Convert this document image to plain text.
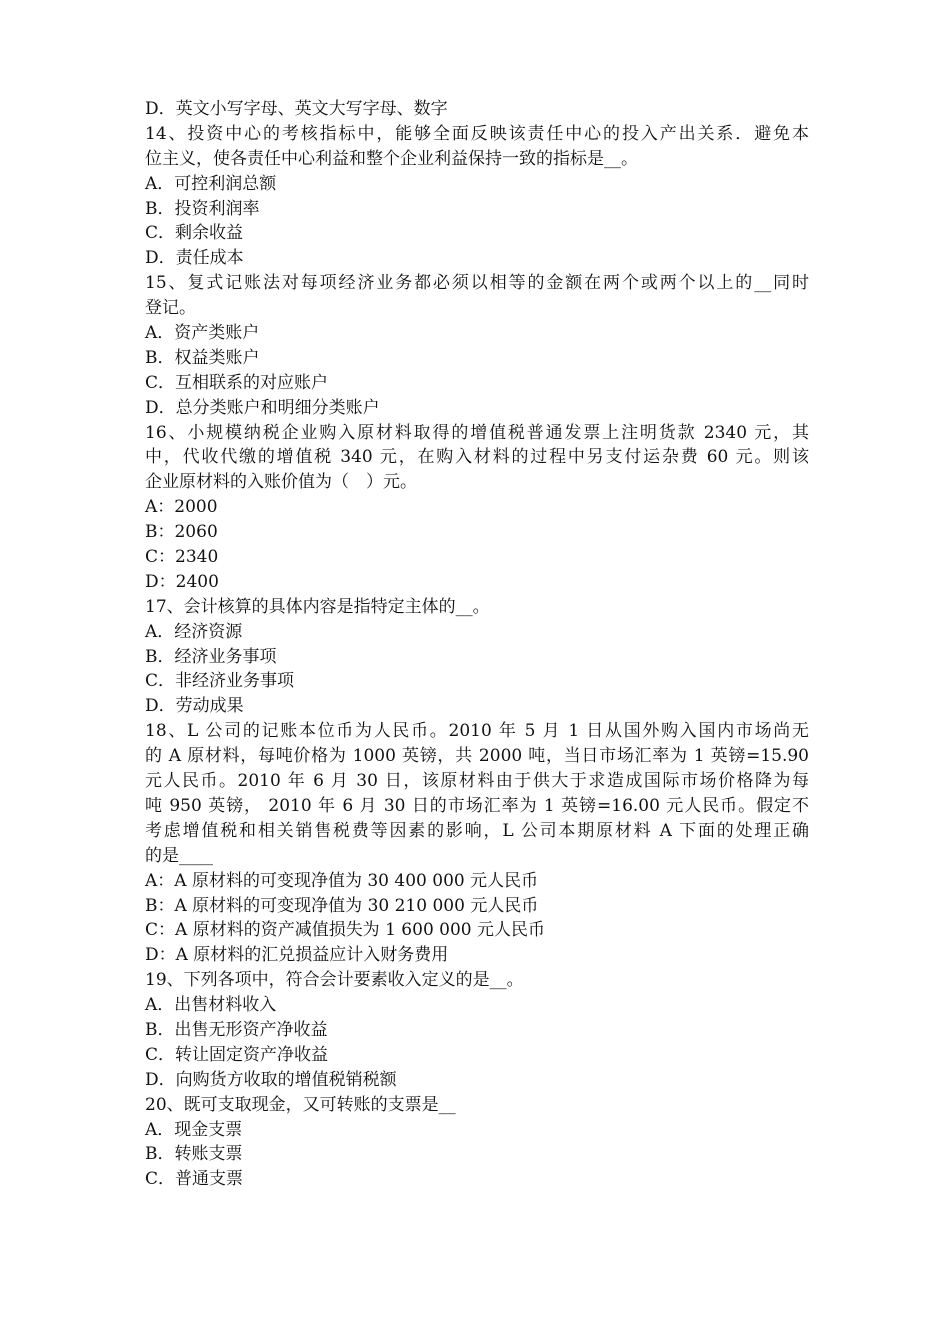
D．英文小写字母、英文大写字母、数字
14、投资中心的考核指标中，能够全面反映该责任中心的投入产出关系．避免本
位主义，使各责任中心利益和整个企业利益保持一致的指标是__。
A．可控利润总额
B．投资利润率
C．剩余收益
D．责任成本
15、复式记账法对每项经济业务都必须以相等的金额在两个或两个以上的__同时
登记。
A．资产类账户
B．权益类账户
C．互相联系的对应账户
D．总分类账户和明细分类账户
16、小规模纳税企业购入原材料取得的增值税普通发票上注明货款 2340 元，其
中，代收代缴的增值税 340 元，在购入材料的过程中另支付运杂费 60 元。则该
企业原材料的入账价值为（　）元。
A：2000
B：2060
C：2340
D：2400
17、会计核算的具体内容是指特定主体的__。
A．经济资源
B．经济业务事项
C．非经济业务事项
D．劳动成果
18、L 公司的记账本位币为人民币。2010 年 5 月 1 日从国外购入国内市场尚无
的 A 原材料，每吨价格为 1000 英镑，共 2000 吨，当日市场汇率为 1 英镑=15.90
元人民币。2010 年 6 月 30 日，该原材料由于供大于求造成国际市场价格降为每
吨 950 英镑， 2010 年 6 月 30 日的市场汇率为 1 英镑=16.00 元人民币。假定不
考虑增值税和相关销售税费等因素的影响，L 公司本期原材料 A 下面的处理正确
的是____
A：A 原材料的可变现净值为 30 400 000 元人民币
B：A 原材料的可变现净值为 30 210 000 元人民币
C：A 原材料的资产减值损失为 1 600 000 元人民币
D：A 原材料的汇兑损益应计入财务费用
19、下列各项中，符合会计要素收入定义的是__。
A．出售材料收入
B．出售无形资产净收益
C．转让固定资产净收益
D．向购货方收取的增值税销税额
20、既可支取现金，又可转账的支票是__
A．现金支票
B．转账支票
C．普通支票
